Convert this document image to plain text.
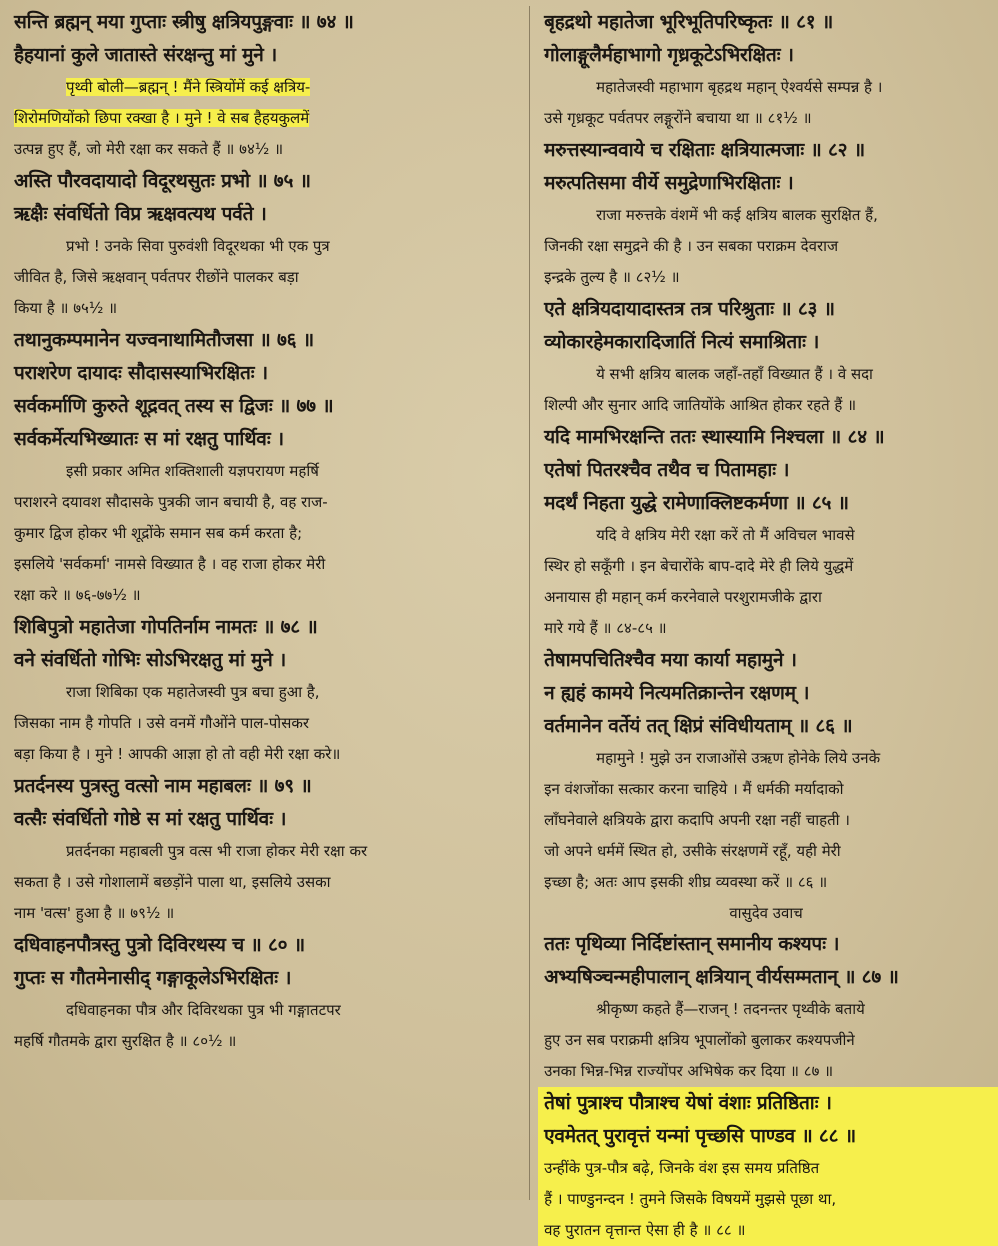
सन्ति ब्रह्मन् मया गुप्ताः स्त्रीषु क्षत्रियपुङ्गवाः ॥ ७४ ॥
हैहयानां कुले जातास्ते संरक्षन्तु मां मुने ।
पृथ्वी बोली—ब्रह्मन् ! मैंने स्त्रियोंमें कई क्षत्रिय-
शिरोमणियोंको छिपा रक्खा है । मुने ! वे सब हैहयकुलमें
उत्पन्न हुए हैं, जो मेरी रक्षा कर सकते हैं ॥ ७४½ ॥
अस्ति पौरवदायादो विदूरथसुतः प्रभो ॥ ७५ ॥
ऋक्षैः संवर्धितो विप्र ऋक्षवत्यथ पर्वते ।
प्रभो ! उनके सिवा पुरुवंशी विदूरथका भी एक पुत्र
जीवित है, जिसे ऋक्षवान् पर्वतपर रीछोंने पालकर बड़ा
किया है ॥ ७५½ ॥
तथानुकम्पमानेन यज्वनाथामितौजसा ॥ ७६ ॥
पराशरेण दायादः सौदासस्याभिरक्षितः ।
सर्वकर्माणि कुरुते शूद्रवत् तस्य स द्विजः ॥ ७७ ॥
सर्वकर्मेत्यभिख्यातः स मां रक्षतु पार्थिवः ।
इसी प्रकार अमित शक्तिशाली यज्ञपरायण महर्षि
पराशरने दयावश सौदासके पुत्रकी जान बचायी है, वह राज-
कुमार द्विज होकर भी शूद्रोंके समान सब कर्म करता है;
इसलिये 'सर्वकर्मा' नामसे विख्यात है । वह राजा होकर मेरी
रक्षा करे ॥ ७६-७७½ ॥
शिबिपुत्रो महातेजा गोपतिर्नाम नामतः ॥ ७८ ॥
वने संवर्धितो गोभिः सोऽभिरक्षतु मां मुने ।
राजा शिबिका एक महातेजस्वी पुत्र बचा हुआ है,
जिसका नाम है गोपति । उसे वनमें गौओंने पाल-पोसकर
बड़ा किया है । मुने ! आपकी आज्ञा हो तो वही मेरी रक्षा करे॥
प्रतर्दनस्य पुत्रस्तु वत्सो नाम महाबलः ॥ ७९ ॥
वत्सैः संवर्धितो गोष्ठे स मां रक्षतु पार्थिवः ।
प्रतर्दनका महाबली पुत्र वत्स भी राजा होकर मेरी रक्षा कर
सकता है । उसे गोशालामें बछड़ोंने पाला था, इसलिये उसका
नाम 'वत्स' हुआ है ॥ ७९½ ॥
दधिवाहनपौत्रस्तु पुत्रो दिविरथस्य च ॥ ८० ॥
गुप्तः स गौतमेनासीद् गङ्गाकूलेऽभिरक्षितः ।
दधिवाहनका पौत्र और दिविरथका पुत्र भी गङ्गातटपर
महर्षि गौतमके द्वारा सुरक्षित है ॥ ८०½ ॥
बृहद्रथो महातेजा भूरिभूतिपरिष्कृतः ॥ ८१ ॥
गोलाङ्गूलैर्महाभागो गृध्रकूटेऽभिरक्षितः ।
महातेजस्वी महाभाग बृहद्रथ महान् ऐश्वर्यसे सम्पन्न है ।
उसे गृध्रकूट पर्वतपर लङ्गूरोंने बचाया था ॥ ८१½ ॥
मरुत्तस्यान्ववाये च रक्षिताः क्षत्रियात्मजाः ॥ ८२ ॥
मरुत्पतिसमा वीर्ये समुद्रेणाभिरक्षिताः ।
राजा मरुत्तके वंशमें भी कई क्षत्रिय बालक सुरक्षित हैं,
जिनकी रक्षा समुद्रने की है । उन सबका पराक्रम देवराज
इन्द्रके तुल्य है ॥ ८२½ ॥
एते क्षत्रियदायादास्तत्र तत्र परिश्रुताः ॥ ८३ ॥
व्योकारहेमकारादिजातिं नित्यं समाश्रिताः ।
ये सभी क्षत्रिय बालक जहाँ-तहाँ विख्यात हैं । वे सदा
शिल्पी और सुनार आदि जातियोंके आश्रित होकर रहते हैं ॥
यदि मामभिरक्षन्ति ततः स्थास्यामि निश्चला ॥ ८४ ॥
एतेषां पितरश्चैव तथैव च पितामहाः ।
मदर्थं निहता युद्धे रामेणाक्लिष्टकर्मणा ॥ ८५ ॥
यदि वे क्षत्रिय मेरी रक्षा करें तो मैं अविचल भावसे
स्थिर हो सकूँगी । इन बेचारोंके बाप-दादे मेरे ही लिये युद्धमें
अनायास ही महान् कर्म करनेवाले परशुरामजीके द्वारा
मारे गये हैं ॥ ८४-८५ ॥
तेषामपचितिश्चैव मया कार्या महामुने ।
न ह्यहं कामये नित्यमतिक्रान्तेन रक्षणम् ।
वर्तमानेन वर्तेयं तत् क्षिप्रं संविधीयताम् ॥ ८६ ॥
महामुने ! मुझे उन राजाओंसे उऋण होनेके लिये उनके
इन वंशजोंका सत्कार करना चाहिये । मैं धर्मकी मर्यादाको
लाँघनेवाले क्षत्रियके द्वारा कदापि अपनी रक्षा नहीं चाहती ।
जो अपने धर्ममें स्थित हो, उसीके संरक्षणमें रहूँ, यही मेरी
इच्छा है; अतः आप इसकी शीघ्र व्यवस्था करें ॥ ८६ ॥
वासुदेव उवाच
ततः पृथिव्या निर्दिष्टांस्तान् समानीय कश्यपः ।
अभ्यषिञ्चन्महीपालान् क्षत्रियान् वीर्यसम्मतान् ॥ ८७ ॥
श्रीकृष्ण कहते हैं—राजन् ! तदनन्तर पृथ्वीके बताये
हुए उन सब पराक्रमी क्षत्रिय भूपालोंको बुलाकर कश्यपजीने
उनका भिन्न-भिन्न राज्योंपर अभिषेक कर दिया ॥ ८७ ॥
तेषां पुत्राश्च पौत्राश्च येषां वंशाः प्रतिष्ठिताः ।
एवमेतत् पुरावृत्तं यन्मां पृच्छसि पाण्डव ॥ ८८ ॥
उन्हींके पुत्र-पौत्र बढ़े, जिनके वंश इस समय प्रतिष्ठित
हैं । पाण्डुनन्दन ! तुमने जिसके विषयमें मुझसे पूछा था,
वह पुरातन वृत्तान्त ऐसा ही है ॥ ८८ ॥
